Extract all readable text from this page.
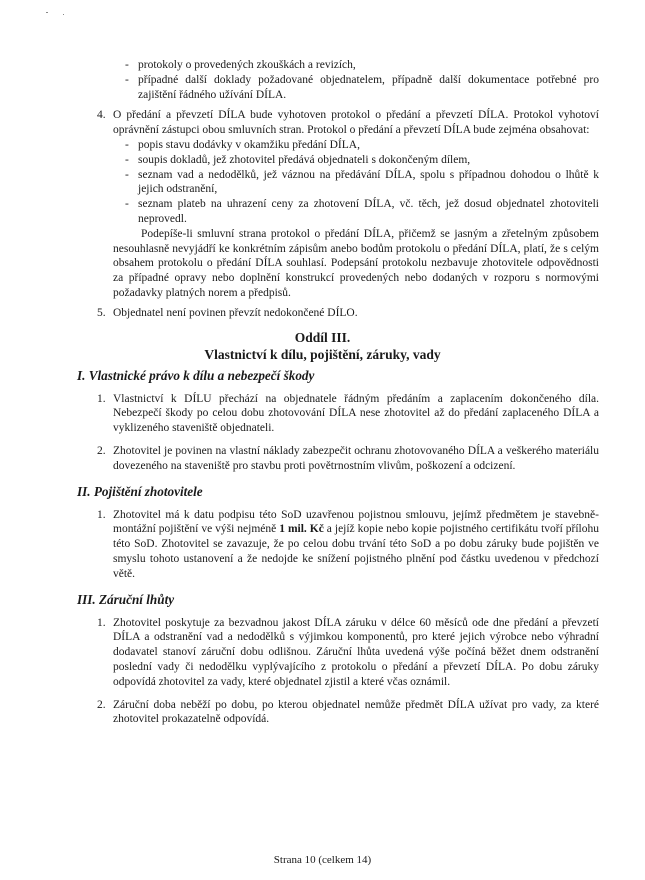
- protokoly o provedených zkouškách a revizích,
- případné další doklady požadované objednatelem, případně další dokumentace potřebné pro zajištění řádného užívání DÍLA.
4. O předání a převzetí DÍLA bude vyhotoven protokol o předání a převzetí DÍLA. Protokol vyhotoví oprávnění zástupci obou smluvních stran. Protokol o předání a převzetí DÍLA bude zejména obsahovat:
- popis stavu dodávky v okamžiku předání DÍLA,
- soupis dokladů, jež zhotovitel předává objednateli s dokončeným dílem,
- seznam vad a nedodělků, jež váznou na předávání DÍLA, spolu s případnou dohodou o lhůtě k jejich odstranění,
- seznam plateb na uhrazení ceny za zhotovení DÍLA, vč. těch, jež dosud objednatel zhotoviteli neprovedl.
Podepíše-li smluvní strana protokol o předání DÍLA, přičemž se jasným a zřetelným způsobem nesouhlasně nevyjádří ke konkrétním zápisům anebo bodům protokolu o předání DÍLA, platí, že s celým obsahem protokolu o předání DÍLA souhlasí. Podepsání protokolu nezbavuje zhotovitele odpovědnosti za případné opravy nebo doplnění konstrukcí provedených nebo dodaných v rozporu s normovými požadavky platných norem a předpisů.
5. Objednatel není povinen převzít nedokončené DÍLO.
Oddíl III.
Vlastnictví k dílu, pojištění, záruky, vady
I. Vlastnické právo k dílu a nebezpečí škody
1. Vlastnictví k DÍLU přechází na objednatele řádným předáním a zaplacením dokončeného díla. Nebezpečí škody po celou dobu zhotovování DÍLA nese zhotovitel až do předání zaplaceného DÍLA a vyklizeného staveniště objednateli.
2. Zhotovitel je povinen na vlastní náklady zabezpečit ochranu zhotovovaného DÍLA a veškerého materiálu dovezeného na staveniště pro stavbu proti povětrnostním vlivům, poškození a odcizení.
II. Pojištění zhotovitele
1. Zhotovitel má k datu podpisu této SoD uzavřenou pojistnou smlouvu, jejímž předmětem je stavebně-montážní pojištění ve výši nejméně 1 mil. Kč a jejíž kopie nebo kopie pojistného certifikátu tvoří přílohu této SoD. Zhotovitel se zavazuje, že po celou dobu trvání této SoD a po dobu záruky bude pojištěn ve smyslu tohoto ustanovení a že nedojde ke snížení pojistného plnění pod částku uvedenou v předchozí větě.
III. Záruční lhůty
1. Zhotovitel poskytuje za bezvadnou jakost DÍLA záruku v délce 60 měsíců ode dne předání a převzetí DÍLA a odstranění vad a nedodělků s výjimkou komponentů, pro které jejich výrobce nebo výhradní dodavatel stanoví záruční dobu odlišnou. Záruční lhůta uvedená výše počíná běžet dnem odstranění poslední vady či nedodělku vyplývajícího z protokolu o předání a převzetí DÍLA. Po dobu záruky odpovídá zhotovitel za vady, které objednatel zjistil a které včas oznámil.
2. Záruční doba neběží po dobu, po kterou objednatel nemůže předmět DÍLA užívat pro vady, za které zhotovitel prokazatelně odpovídá.
Strana 10 (celkem 14)
